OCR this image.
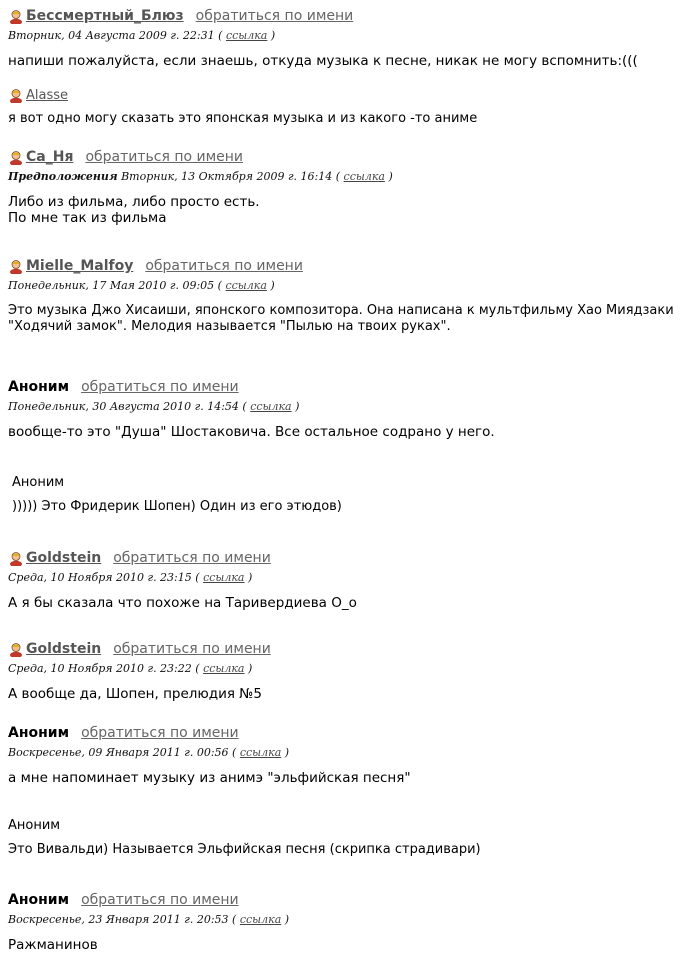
Бессмертный_Блюз обратиться по имени
Вторник, 04 Августа 2009 г. 22:31 ( ссылка )
напиши пожалуйста, если знаешь, откуда музыка к песне, никак не могу вспомнить:(((
Alasse
я вот одно могу сказать это японская музыка и из какого -то аниме
Ca_Ня обратиться по имени
Предположения Вторник, 13 Октября 2009 г. 16:14 ( ссылка )
Либо из фильма, либо просто есть.
По мне так из фильма
Mielle_Malfoy обратиться по имени
Понедельник, 17 Мая 2010 г. 09:05 ( ссылка )
Это музыка Джо Хисаиши, японского композитора. Она написана к мультфильму Хао Миядзаки
"Ходячий замок". Мелодия называется "Пылью на твоих руках".
Аноним обратиться по имени
Понедельник, 30 Августа 2010 г. 14:54 ( ссылка )
вообще-то это "Душа" Шостаковича. Все остальное содрано у него.
Аноним
))))) Это Фридерик Шопен) Один из его этюдов)
Goldstein обратиться по имени
Среда, 10 Ноября 2010 г. 23:15 ( ссылка )
А я бы сказала что похоже на Таривердиева О_о
Goldstein обратиться по имени
Среда, 10 Ноября 2010 г. 23:22 ( ссылка )
А вообще да, Шопен, прелюдия №5
Аноним обратиться по имени
Воскресенье, 09 Января 2011 г. 00:56 ( ссылка )
а мне напоминает музыку из анимэ "эльфийская песня"
Аноним
Это Вивальди) Называется Эльфийская песня (скрипка страдивари)
Аноним обратиться по имени
Воскресенье, 23 Января 2011 г. 20:53 ( ссылка )
Ражманинов
